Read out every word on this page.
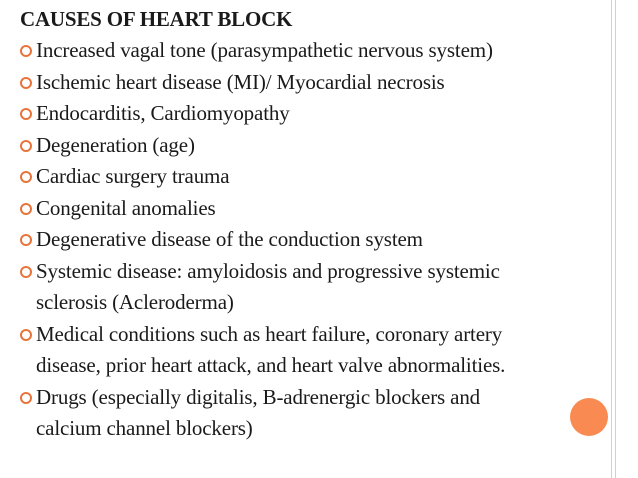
CAUSES OF HEART BLOCK
Increased vagal tone (parasympathetic nervous system)
Ischemic heart disease (MI)/ Myocardial necrosis
Endocarditis, Cardiomyopathy
Degeneration (age)
Cardiac surgery trauma
Congenital anomalies
Degenerative disease of the conduction system
Systemic disease: amyloidosis and progressive systemic
sclerosis (Acleroderma)
Medical conditions such as heart failure, coronary artery
disease, prior heart attack, and heart valve abnormalities.
Drugs (especially digitalis, B-adrenergic blockers and
calcium channel blockers)
